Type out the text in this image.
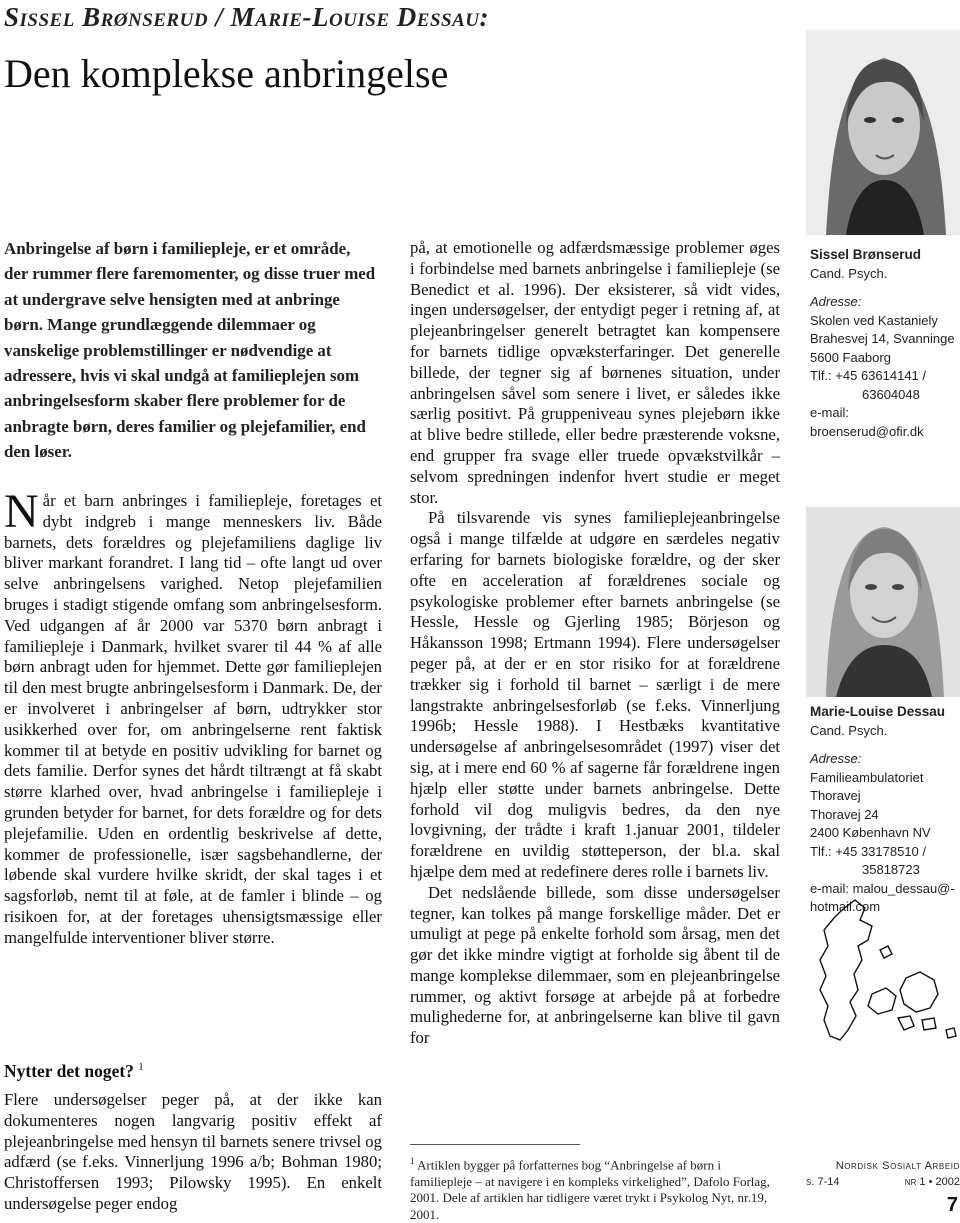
Sissel Brønserud / Marie-Louise Dessau:
Den komplekse anbringelse

Anbringelse af børn i familiepleje, er et område, der rummer flere faremomenter, og disse truer med at undergrave selve hensigten med at anbringe børn. Mange grundlæggende dilemmaer og vanskelige problemstillinger er nødvendige at adressere, hvis vi skal undgå at familieplejen som anbringelsesform skaber flere problemer for de anbragte børn, deres familier og plejefamilier, end den løser.

Når et barn anbringes i familiepleje, foretages et dybt indgreb i mange menneskers liv. Både barnets, dets forældres og plejefamiliens daglige liv bliver markant forandret. I lang tid – ofte langt ud over selve anbringelsens varighed. Netop plejefamilien bruges i stadigt stigende omfang som anbringelsesform. Ved udgangen af år 2000 var 5370 børn anbragt i familiepleje i Danmark, hvilket svarer til 44 % af alle børn anbragt uden for hjemmet. Dette gør familieplejen til den mest brugte anbringelsesform i Danmark. De, der er involveret i anbringelser af børn, udtrykker stor usikkerhed over for, om anbringelserne rent faktisk kommer til at betyde en positiv udvikling for barnet og dets familie. Derfor synes det hårdt tiltrængt at få skabt større klarhed over, hvad anbringelse i familiepleje i grunden betyder for barnet, for dets forældre og for dets plejefamilie. Uden en ordentlig beskrivelse af dette, kommer de professionelle, især sagsbehandlerne, der løbende skal vurdere hvilke skridt, der skal tages i et sagsforløb, nemt til at føle, at de famler i blinde – og risikoen for, at der foretages uhensigtsmæssige eller mangelfulde interventioner bliver større.

Nytter det noget? $^1$

Flere undersøgelser peger på, at der ikke kan dokumenteres nogen langvarig positiv effekt af plejeanbringelse med hensyn til barnets senere trivsel og adfærd (se f.eks. Vinnerljung 1996 a/b; Bohman 1980; Christoffersen 1993; Pilowsky 1995). En enkelt undersøgelse peger endog

på, at emotionelle og adfærdsmæssige problemer øges i forbindelse med barnets anbringelse i familiepleje (se Benedict et al. 1996). Der eksisterer, så vidt vides, ingen undersøgelser, der entydigt peger i retning af, at plejeanbringelser generelt betragtet kan kompensere for barnets tidlige opvæksterfaringer. Det generelle billede, der tegner sig af børnenes situation, under anbringelsen såvel som senere i livet, er således ikke særlig positivt. På gruppeniveau synes plejebørn ikke at blive bedre stillede, eller bedre præsterende voksne, end grupper fra svage eller truede opvækstvilkår – selvom spredningen indenfor hvert studie er meget stor.

På tilsvarende vis synes familieplejeanbringelse også i mange tilfælde at udgøre en særdeles negativ erfaring for barnets biologiske forældre, og der sker ofte en acceleration af forældrenes sociale og psykologiske problemer efter barnets anbringelse (se Hessle, Hessle og Gjerling 1985; Börjeson og Håkansson 1998; Ertmann 1994). Flere undersøgelser peger på, at der er en stor risiko for at forældrene trækker sig i forhold til barnet – særligt i de mere langstrakte anbringelsesforløb (se f.eks. Vinnerljung 1996b; Hessle 1988). I Hestbæks kvantitative undersøgelse af anbringelsesområdet (1997) viser det sig, at i mere end 60 % af sagerne får forældrene ingen hjælp eller støtte under barnets anbringelse. Dette forhold vil dog muligvis bedres, da den nye lovgivning, der trådte i kraft 1.januar 2001, tildeler forældrene en uvildig støtteperson, der bl.a. skal hjælpe dem med at redefinere deres rolle i barnets liv.

Det nedslående billede, som disse undersøgelser tegner, kan tolkes på mange forskellige måder. Det er umuligt at pege på enkelte forhold som årsag, men det gør det ikke mindre vigtigt at forholde sig åbent til de mange komplekse dilemmaer, som en plejeanbringelse rummer, og aktivt forsøge at arbejde på at forbedre mulighederne for, at anbringelserne kan blive til gavn for

$^1$ Artiklen bygger på forfatternes bog “Anbringelse af børn i familiepleje – at navigere i en kompleks virkelighed”, Dafolo Forlag, 2001. Dele af artiklen har tidligere været trykt i Psykolog Nyt, nr.19, 2001.
Sissel Brønserud
Cand. Psych.
Adresse:
Skolen ved Kastaniely
Brahesvej 14, Svanninge
5600 Faaborg
Tlf.: +45 63614141 /
63604048
e-mail:
broenserud@ofir.dk
Marie-Louise Dessau
Cand. Psych.
Adresse:
Familieambulatoriet
Thoravej
Thoravej 24
2400 København NV
Tlf.: +45 33178510 /
35818723
e-mail: malou_dessau@-
hotmail.com
Nordisk Sosialt Arbeid
s. 7-14	nr 1 • 2002
7
